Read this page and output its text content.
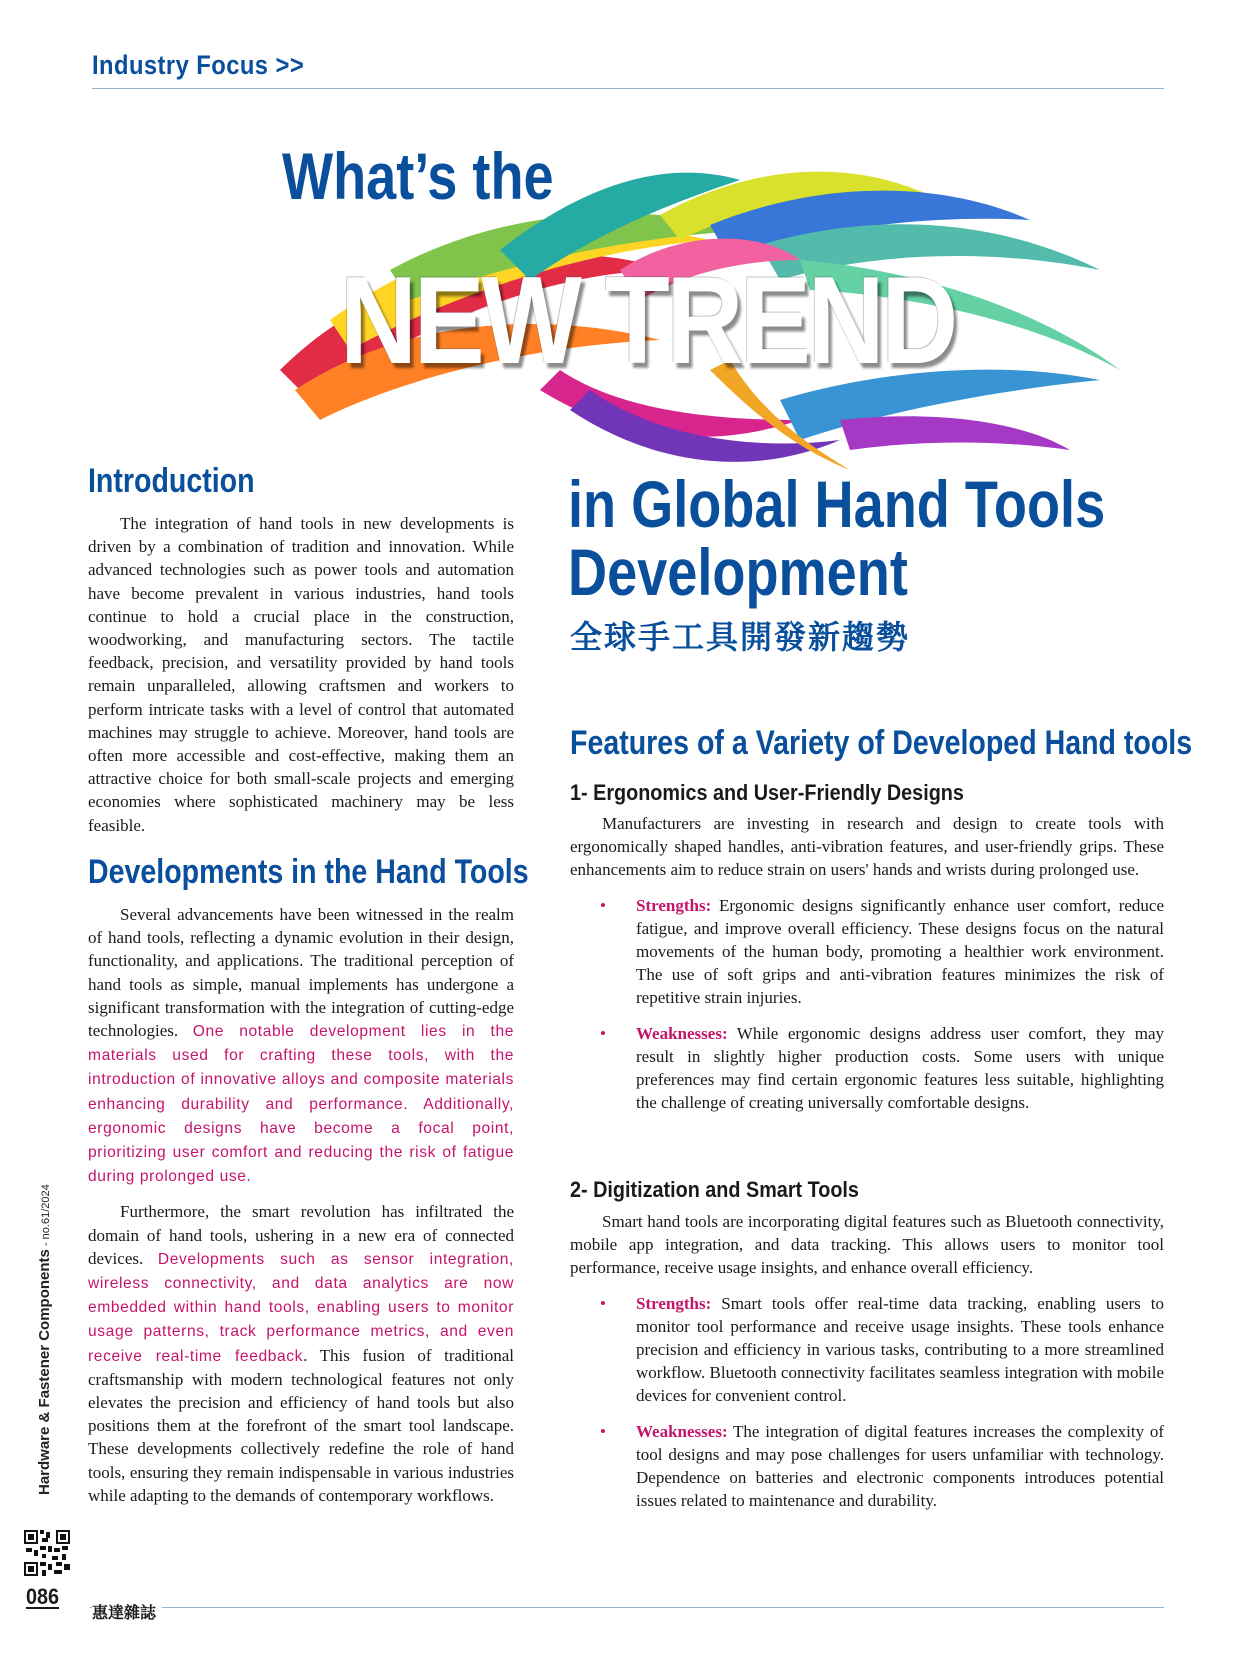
Industry Focus >>
What’s the
NEW TREND
in Global Hand Tools
Development
全球手工具開發新趨勢
Introduction

The integration of hand tools in new developments is driven by a combination of tradition and innovation. While advanced technologies such as power tools and automation have become prevalent in various industries, hand tools continue to hold a crucial place in the construction, woodworking, and manufacturing sectors. The tactile feedback, precision, and versatility provided by hand tools remain unparalleled, allowing craftsmen and workers to perform intricate tasks with a level of control that automated machines may struggle to achieve. Moreover, hand tools are often more accessible and cost-effective, making them an attractive choice for both small-scale projects and emerging economies where sophisticated machinery may be less feasible.

Developments in the Hand Tools

Several advancements have been witnessed in the realm of hand tools, reflecting a dynamic evolution in their design, functionality, and applications. The traditional perception of hand tools as simple, manual implements has undergone a significant transformation with the integration of cutting-edge technologies. One notable development lies in the materials used for crafting these tools, with the introduction of innovative alloys and composite materials enhancing durability and performance. Additionally, ergonomic designs have become a focal point, prioritizing user comfort and reducing the risk of fatigue during prolonged use.

Furthermore, the smart revolution has infiltrated the domain of hand tools, ushering in a new era of connected devices. Developments such as sensor integration, wireless connectivity, and data analytics are now embedded within hand tools, enabling users to monitor usage patterns, track performance metrics, and even receive real-time feedback. This fusion of traditional craftsmanship with modern technological features not only elevates the precision and efficiency of hand tools but also positions them at the forefront of the smart tool landscape. These developments collectively redefine the role of hand tools, ensuring they remain indispensable in various industries while adapting to the demands of contemporary workflows.

Features of a Variety of Developed Hand tools
1- Ergonomics and User-Friendly Designs

Manufacturers are investing in research and design to create tools with ergonomically shaped handles, anti-vibration features, and user-friendly grips. These enhancements aim to reduce strain on users' hands and wrists during prolonged use.

• Strengths: Ergonomic designs significantly enhance user comfort, reduce fatigue, and improve overall efficiency. These designs focus on the natural movements of the human body, promoting a healthier work environment. The use of soft grips and anti-vibration features minimizes the risk of repetitive strain injuries.
• Weaknesses: While ergonomic designs address user comfort, they may result in slightly higher production costs. Some users with unique preferences may find certain ergonomic features less suitable, highlighting the challenge of creating universally comfortable designs.
2- Digitization and Smart Tools

Smart hand tools are incorporating digital features such as Bluetooth connectivity, mobile app integration, and data tracking. This allows users to monitor tool performance, receive usage insights, and enhance overall efficiency.

• Strengths: Smart tools offer real-time data tracking, enabling users to monitor tool performance and receive usage insights. These tools enhance precision and efficiency in various tasks, contributing to a more streamlined workflow. Bluetooth connectivity facilitates seamless integration with mobile devices for convenient control.
• Weaknesses: The integration of digital features increases the complexity of tool designs and may pose challenges for users unfamiliar with technology. Dependence on batteries and electronic components introduces potential issues related to maintenance and durability.
Hardware & Fastener Components - no.61/2024
086
惠達雜誌
